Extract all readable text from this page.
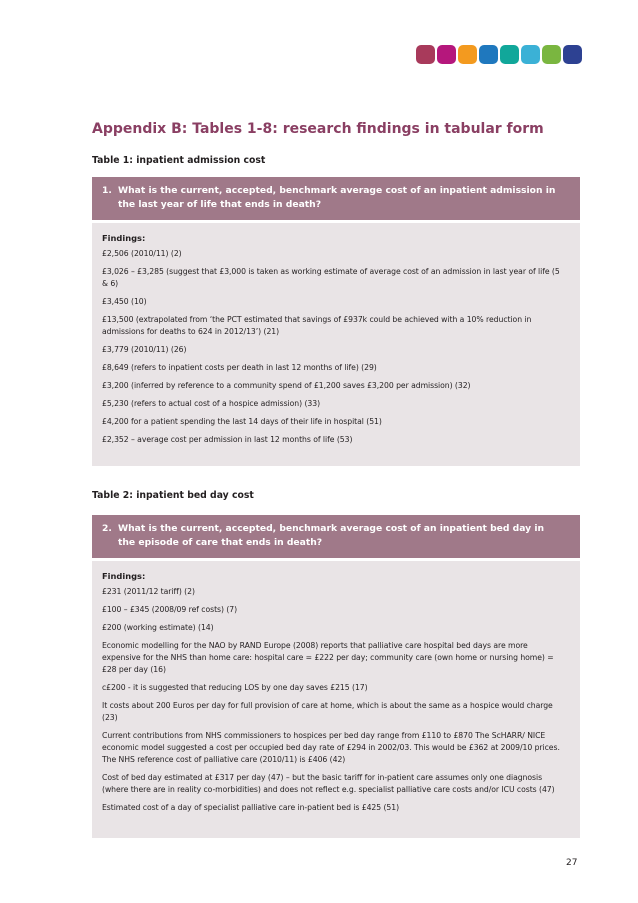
Appendix B: Tables 1-8: research findings in tabular form

Table 1: inpatient admission cost

1. What is the current, accepted, benchmark average cost of an inpatient admission in the last year of life that ends in death?

Findings:

£2,506 (2010/11) (2)

£3,026 – £3,285 (suggest that £3,000 is taken as working estimate of average cost of an admission in last year of life (5 & 6)

£3,450 (10)

£13,500 (extrapolated from ‘the PCT estimated that savings of £937k could be achieved with a 10% reduction in admissions for deaths to 624 in 2012/13’) (21)

£3,779 (2010/11) (26)

£8,649 (refers to inpatient costs per death in last 12 months of life) (29)

£3,200 (inferred by reference to a community spend of £1,200 saves £3,200 per admission) (32)

£5,230 (refers to actual cost of a hospice admission) (33)

£4,200 for a patient spending the last 14 days of their life in hospital (51)

£2,352 – average cost per admission in last 12 months of life (53)

Table 2: inpatient bed day cost

2. What is the current, accepted, benchmark average cost of an inpatient bed day in the episode of care that ends in death?

Findings:

£231 (2011/12 tariff) (2)

£100 – £345 (2008/09 ref costs) (7)

£200 (working estimate) (14)

Economic modelling for the NAO by RAND Europe (2008) reports that palliative care hospital bed days are more expensive for the NHS than home care: hospital care = £222 per day; community care (own home or nursing home) = £28 per day (16)

c£200 - it is suggested that reducing LOS by one day saves £215 (17)

It costs about 200 Euros per day for full provision of care at home, which is about the same as a hospice would charge (23)

Current contributions from NHS commissioners to hospices per bed day range from £110 to £870 The ScHARR/ NICE economic model suggested a cost per occupied bed day rate of £294 in 2002/03. This would be £362 at 2009/10 prices. The NHS reference cost of palliative care (2010/11) is £406 (42)

Cost of bed day estimated at £317 per day (47) – but the basic tariff for in-patient care assumes only one diagnosis (where there are in reality co-morbidities) and does not reflect e.g. specialist palliative care costs and/or ICU costs (47)

Estimated cost of a day of specialist palliative care in-patient bed is £425 (51)

27
